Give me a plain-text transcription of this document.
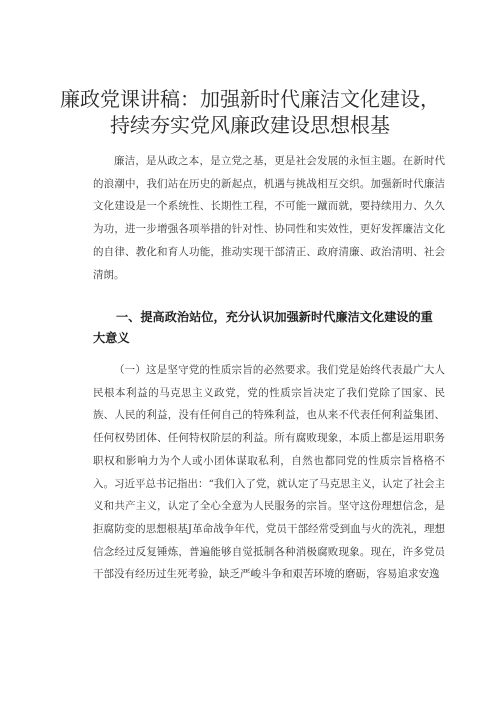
廉政党课讲稿：加强新时代廉洁文化建设，
持续夯实党风廉政建设思想根基

廉洁，是从政之本，是立党之基，更是社会发展的永恒主题。在新时代的浪潮中，我们站在历史的新起点，机遇与挑战相互交织。加强新时代廉洁文化建设是一个系统性、长期性工程，不可能一蹴而就，要持续用力、久久为功，进一步增强各项举措的针对性、协同性和实效性，更好发挥廉洁文化的自律、教化和育人功能，推动实现干部清正、政府清廉、政治清明、社会清朗。

一、提高政治站位，充分认识加强新时代廉洁文化建设的重大意义

（一）这是坚守党的性质宗旨的必然要求。我们党是始终代表最广大人民根本利益的马克思主义政党，党的性质宗旨决定了我们党除了国家、民族、人民的利益，没有任何自己的特殊利益，也从来不代表任何利益集团、任何权势团体、任何特权阶层的利益。所有腐败现象，本质上都是运用职务职权和影响力为个人或小团体谋取私利，自然也都同党的性质宗旨格格不入。习近平总书记指出：“我们入了党，就认定了马克思主义，认定了社会主义和共产主义，认定了全心全意为人民服务的宗旨。坚守这份理想信念，是拒腐防变的思想根基J革命战争年代，党员干部经常受到血与火的洗礼，理想信念经过反复锤炼，普遍能够自觉抵制各种消极腐败现象。现在，许多党员干部没有经历过生死考验，缺乏严峻斗争和艰苦环境的磨砺，容易追求安逸
